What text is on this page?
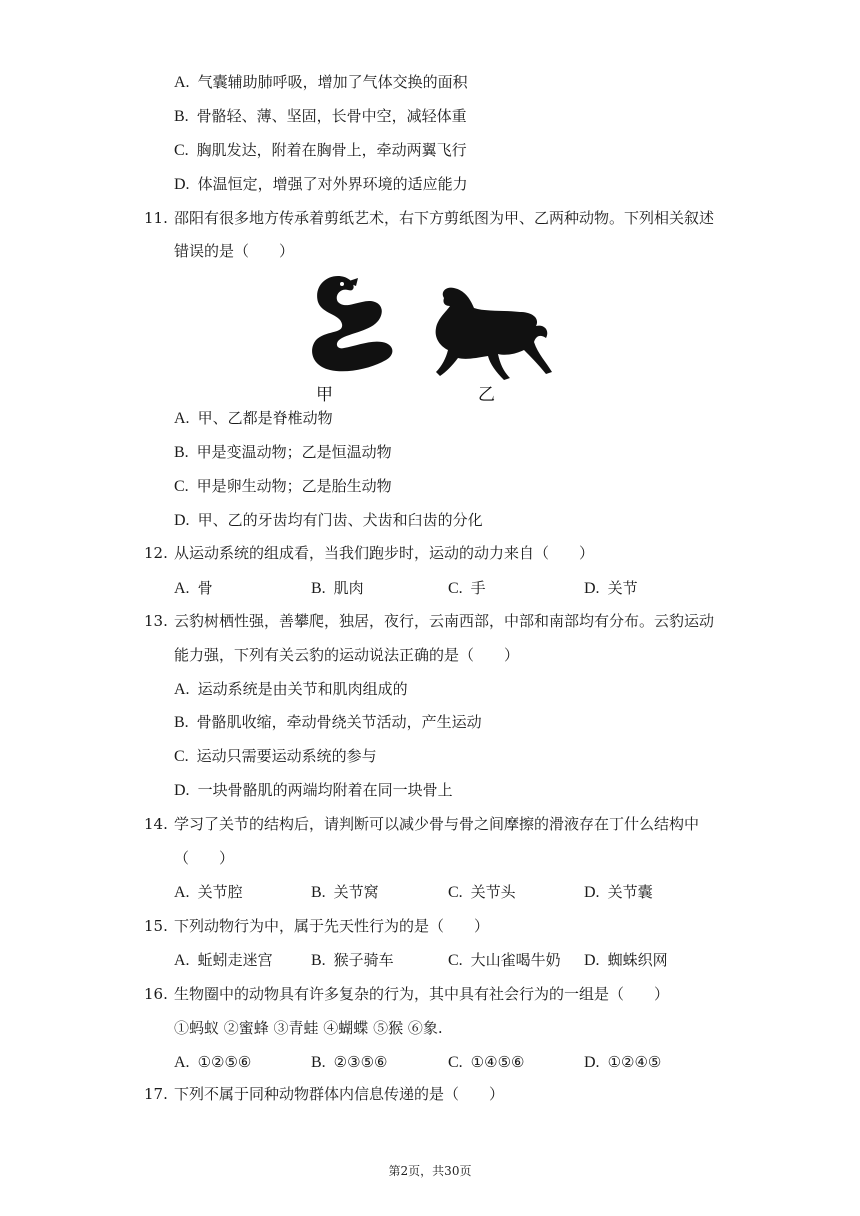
A. 气囊辅助肺呼吸，增加了气体交换的面积
B. 骨骼轻、薄、坚固，长骨中空，减轻体重
C. 胸肌发达，附着在胸骨上，牵动两翼飞行
D. 体温恒定，增强了对外界环境的适应能力
11. 邵阳有很多地方传承着剪纸艺术，右下方剪纸图为甲、乙两种动物。下列相关叙述
错误的是（　　）
甲	乙
A. 甲、乙都是脊椎动物
B. 甲是变温动物；乙是恒温动物
C. 甲是卵生动物；乙是胎生动物
D. 甲、乙的牙齿均有门齿、犬齿和臼齿的分化
12. 从运动系统的组成看，当我们跑步时，运动的动力来自（　　）
A. 骨	B. 肌肉	C. 手	D. 关节
13. 云豹树栖性强，善攀爬，独居，夜行，云南西部，中部和南部均有分布。云豹运动
能力强，下列有关云豹的运动说法正确的是（　　）
A. 运动系统是由关节和肌肉组成的
B. 骨骼肌收缩，牵动骨绕关节活动，产生运动
C. 运动只需要运动系统的参与
D. 一块骨骼肌的两端均附着在同一块骨上
14. 学习了关节的结构后，请判断可以减少骨与骨之间摩擦的滑液存在丁什么结构中
（　　）
A. 关节腔	B. 关节窝	C. 关节头	D. 关节囊
15. 下列动物行为中，属于先天性行为的是（　　）
A. 蚯蚓走迷宫 B. 猴子骑车	C. 大山雀喝牛奶 D. 蜘蛛织网
16. 生物圈中的动物具有许多复杂的行为，其中具有社会行为的一组是（　　）
①蚂蚁 ②蜜蜂 ③青蛙 ④蝴蝶 ⑤猴 ⑥象.
A. ①②⑤⑥	B. ②③⑤⑥	C. ①④⑤⑥	D. ①②④⑤
17. 下列不属于同种动物群体内信息传递的是（　　）
第2页，共30页
